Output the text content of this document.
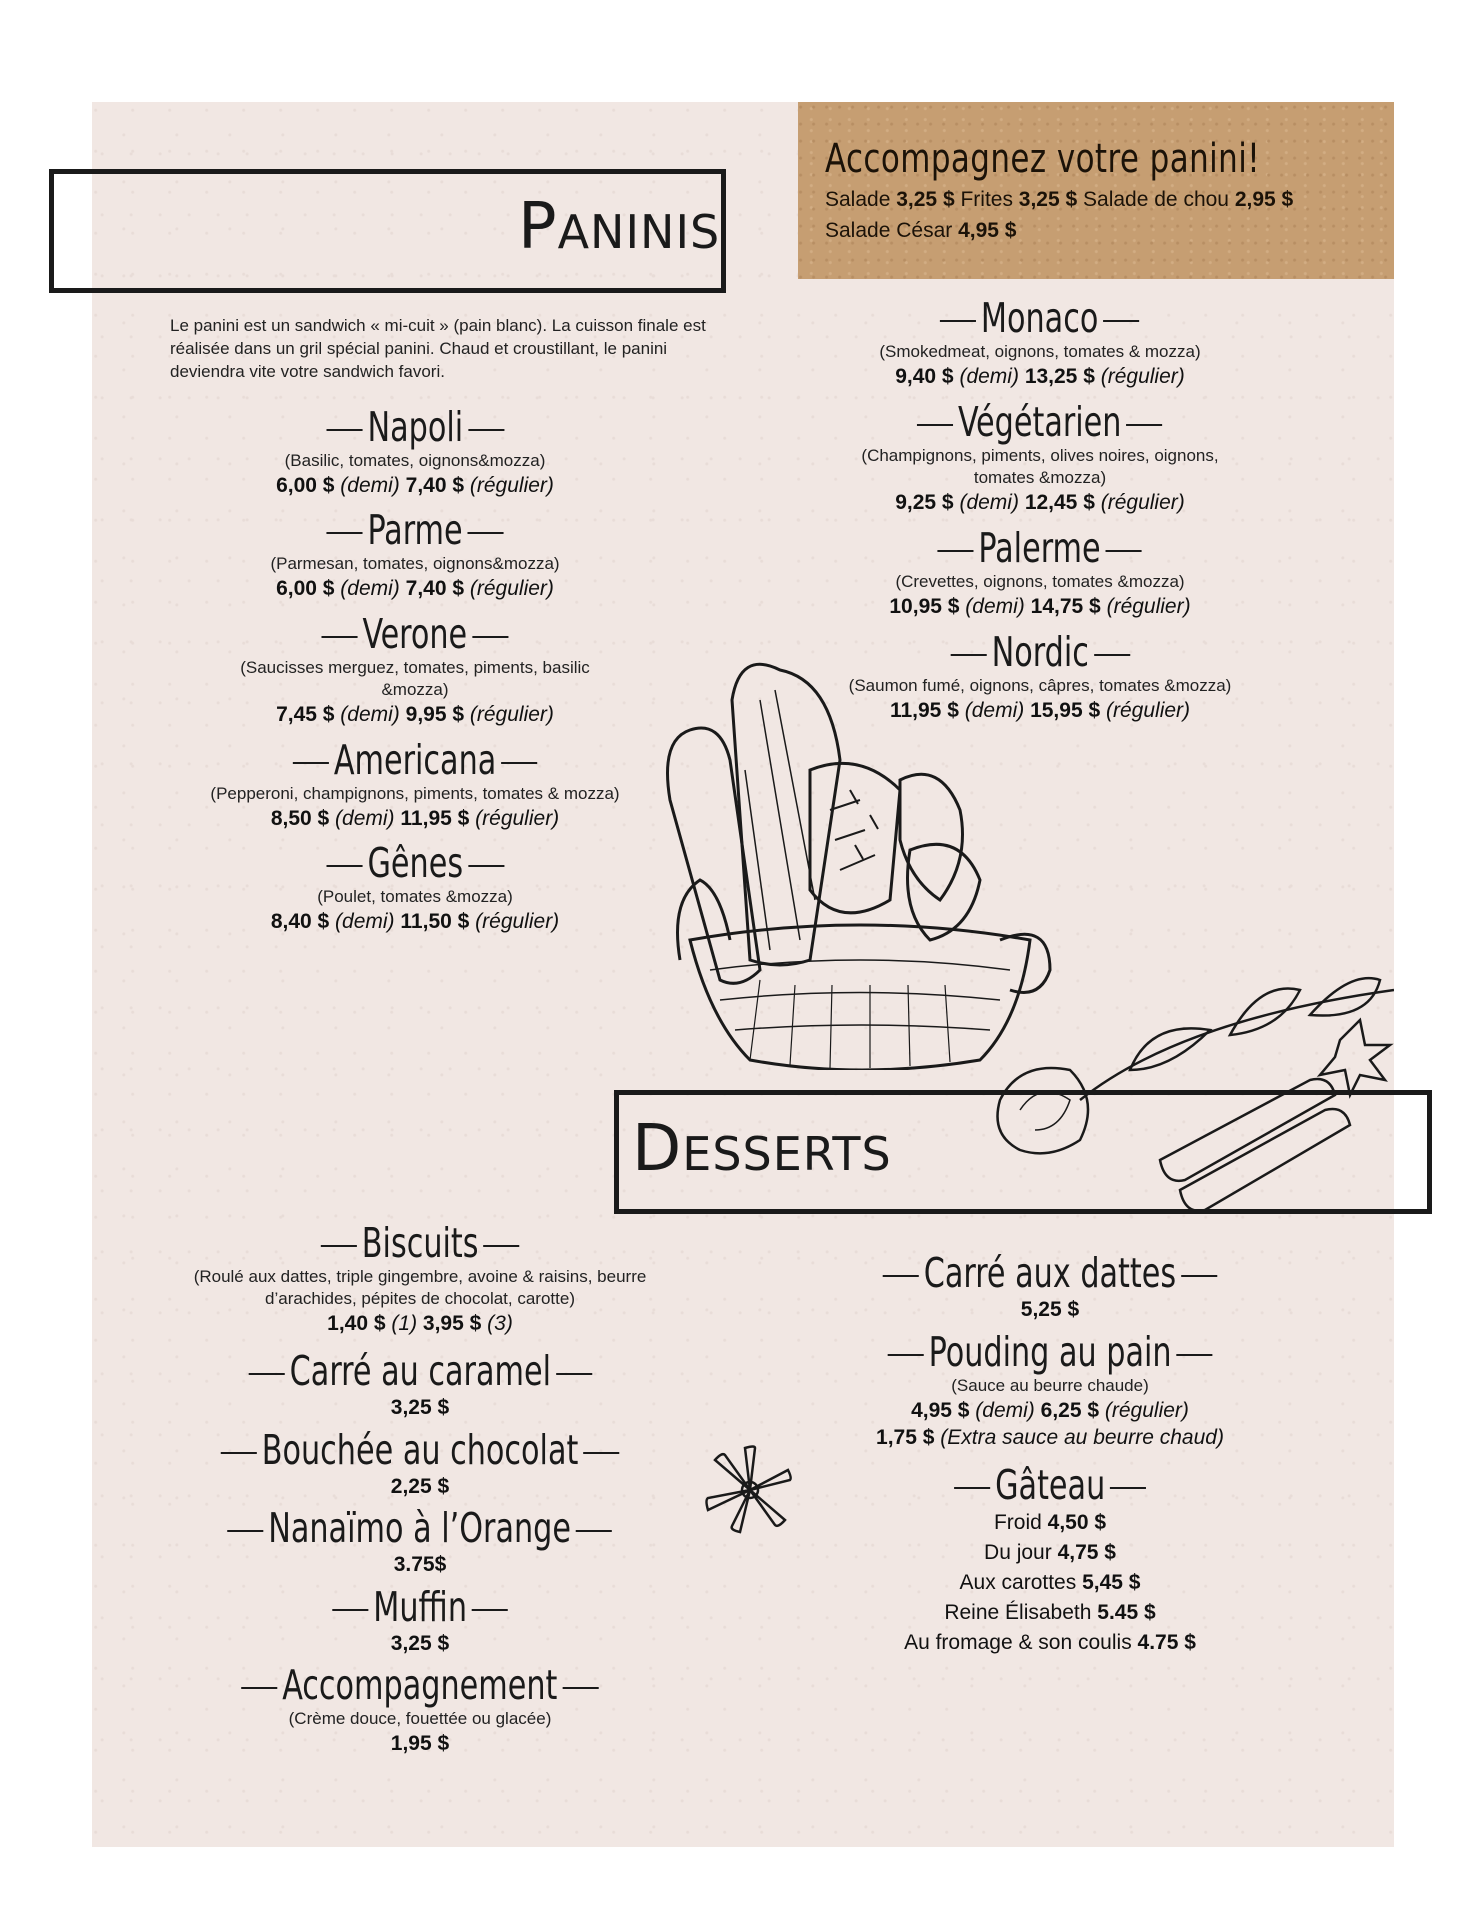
Accompagnez votre panini!
Salade 3,25 $ Frites 3,25 $ Salade de chou 2,95 $
Salade César 4,95 $
PANINIS
Le panini est un sandwich « mi-cuit » (pain blanc). La cuisson finale est réalisée dans un gril spécial panini. Chaud et croustillant, le panini deviendra vite votre sandwich favori.
Napoli
(Basilic, tomates, oignons&mozza)
6,00 $ (demi) 7,40 $ (régulier)
Parme
(Parmesan, tomates, oignons&mozza)
6,00 $ (demi) 7,40 $ (régulier)
Verone
(Saucisses merguez, tomates, piments, basilic &mozza)
7,45 $ (demi) 9,95 $ (régulier)
Americana
(Pepperoni, champignons, piments, tomates & mozza)
8,50 $ (demi) 11,95 $ (régulier)
Gênes
(Poulet, tomates &mozza)
8,40 $ (demi) 11,50 $ (régulier)
Monaco
(Smokedmeat, oignons, tomates & mozza)
9,40 $ (demi) 13,25 $ (régulier)
Végétarien
(Champignons, piments, olives noires, oignons, tomates &mozza)
9,25 $ (demi) 12,45 $ (régulier)
Palerme
(Crevettes, oignons, tomates &mozza)
10,95 $ (demi) 14,75 $ (régulier)
Nordic
(Saumon fumé, oignons, câpres, tomates &mozza)
11,95 $ (demi) 15,95 $ (régulier)
DESSERTS
Biscuits
(Roulé aux dattes, triple gingembre, avoine & raisins, beurre d’arachides, pépites de chocolat, carotte)
1,40 $ (1) 3,95 $ (3)
Carré au caramel
3,25 $
Bouchée au chocolat
2,25 $
Nanaïmo à l’Orange
3.75$
Muffin
3,25 $
Accompagnement
(Crème douce, fouettée ou glacée)
1,95 $
Carré aux dattes
5,25 $
Pouding au pain
(Sauce au beurre chaude)
4,95 $ (demi) 6,25 $ (régulier)
1,75 $ (Extra sauce au beurre chaud)
Gâteau
Froid 4,50 $
Du jour 4,75 $
Aux carottes 5,45 $
Reine Élisabeth 5.45 $
Au fromage & son coulis 4.75 $
